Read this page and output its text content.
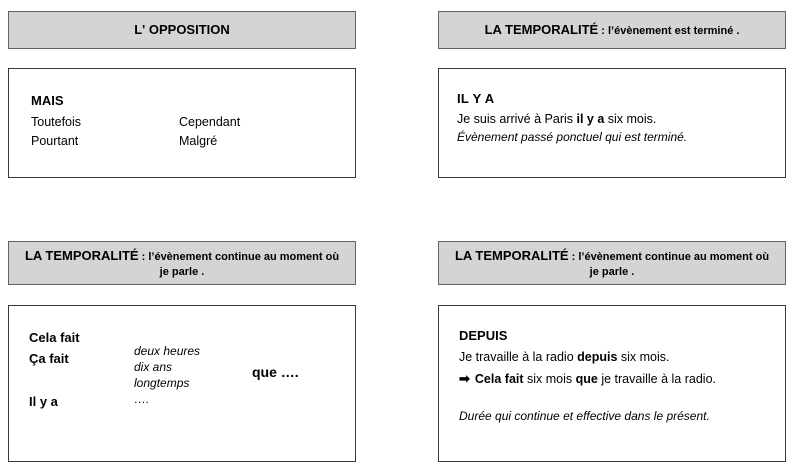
L' OPPOSITION
MAIS
Toutefois
Pourtant
Cependant
Malgré
LA TEMPORALITÉ : l’évènement est terminé .
IL Y A
Je suis arrivé à Paris il y a six mois.
Évènement passé ponctuel qui est terminé.
LA TEMPORALITÉ : l’évènement continue au moment où je parle .
Cela fait
Ça fait
Il y a
deux heures
dix ans
longtemps
….
que ….
LA TEMPORALITÉ : l’évènement continue au moment où je parle .
DEPUIS
Je travaille à la radio depuis six mois.
➡ Cela fait six mois que je travaille à la radio.
Durée qui continue et effective dans le présent.
